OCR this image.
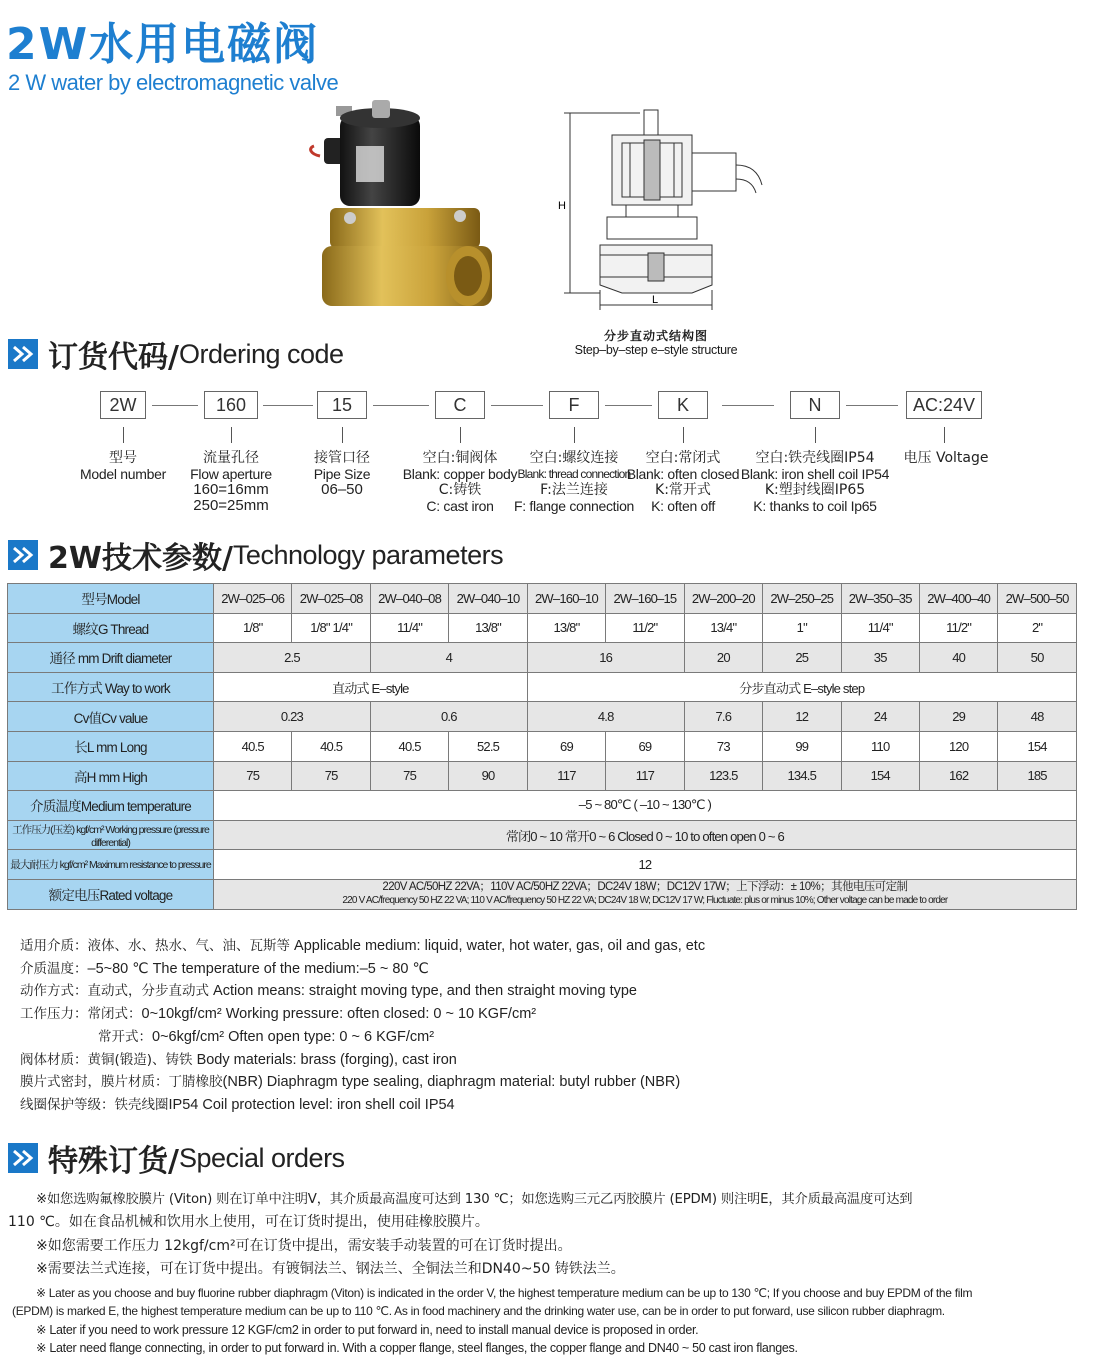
2W水用电磁阀
2 W water by electromagnetic valve
H
L
分步直动式结构图
Step–by–step e–style structure
订货代码/ Ordering code
2W	160	15	C	F	K	N	AC:24V
型号
Model number
流量孔径
Flow aperture
160=16mm
250=25mm
接管口径
Pipe Size
06–50
空白:铜阀体
Blank: copper body
C:铸铁
C: cast iron
空白:螺纹连接
Blank: thread connection
F:法兰连接
F: flange connection
空白:常闭式
Blank: often closed
K:常开式
K: often off
空白:铁壳线圈IP54
Blank: iron shell coil IP54
K:塑封线圈IP65
K: thanks to coil Ip65
电压 Voltage
2W技术参数/ Technology parameters
型号Model	2W–025–06	2W–025–08	2W–040–08	2W–040–10	2W–160–10	2W–160–15	2W–200–20	2W–250–25	2W–350–35	2W–400–40	2W–500–50
螺纹G Thread	1/8"	1/8" 1/4"	11/4"	13/8"	13/8"	11/2"	13/4"	1"	11/4"	11/2"	2"
通径 mm Drift diameter	2.5		4		16		20	25	35	40	50
工作方式 Way to work	直动式 E–style				分步直动式 E–style step						
Cv值Cv value	0.23		0.6		4.8		7.6	12	24	29	48
长L mm Long	40.5	40.5	40.5	52.5	69	69	73	99	110	120	154
高H mm High	75	75	75	90	117	117	123.5	134.5	154	162	185
介质温度Medium temperature	–5 ~ 80℃ ( –10 ~ 130℃ )										
工作压力(压差) kgf/cm² Working pressure (pressure differential)	常闭0 ~ 10 常开0 ~ 6 Closed 0 ~ 10 to often open 0 ~ 6										
最大耐压力 kgf/cm² Maximum resistance to pressure	12										
额定电压Rated voltage	220V AC/50HZ 22VA；110V AC/50HZ 22VA；DC24V 18W；DC12V 17W；上下浮动：± 10%；其他电压可定制
220 V AC/frequency 50 HZ 22 VA; 110 V AC/frequency 50 HZ 22 VA; DC24V 18 W; DC12V 17 W; Fluctuate: plus or minus 10%; Other voltage can be made to order										
适用介质：液体、水、热水、气、油、瓦斯等 Applicable medium: liquid, water, hot water, gas, oil and gas, etc
介质温度：–5~80 ℃ The temperature of the medium:–5 ~ 80 ℃
动作方式：直动式，分步直动式 Action means: straight moving type, and then straight moving type
工作压力：常闭式：0~10kgf/cm² Working pressure: often closed: 0 ~ 10 KGF/cm²
常开式：0~6kgf/cm² Often open type: 0 ~ 6 KGF/cm²
阀体材质：黄铜(锻造)、铸铁 Body materials: brass (forging), cast iron
膜片式密封，膜片材质：丁腈橡胶(NBR) Diaphragm type sealing, diaphragm material: butyl rubber (NBR)
线圈保护等级：铁壳线圈IP54 Coil protection level: iron shell coil IP54
特殊订货/ Special orders
※如您选购氟橡胶膜片 (Viton) 则在订单中注明V，其介质最高温度可达到 130 ℃；如您选购三元乙丙胶膜片 (EPDM) 则注明E，其介质最高温度可达到
110 ℃。如在食品机械和饮用水上使用，可在订货时提出，使用硅橡胶膜片。
※如您需要工作压力 12kgf/cm²可在订货中提出，需安装手动装置的可在订货时提出。
※需要法兰式连接，可在订货中提出。有镀铜法兰、钢法兰、全铜法兰和DN40~50 铸铁法兰。
※ Later as you choose and buy fluorine rubber diaphragm (Viton) is indicated in the order V, the highest temperature medium can be up to 130 ℃; If you choose and buy EPDM of the film
(EPDM) is marked E, the highest temperature medium can be up to 110 ℃. As in food machinery and the drinking water use, can be in order to put forward, use silicon rubber diaphragm.
※ Later if you need to work pressure 12 KGF/cm2 in order to put forward in, need to install manual device is proposed in order.
※ Later need flange connecting, in order to put forward in. With a copper flange, steel flanges, the copper flange and DN40 ~ 50 cast iron flanges.
